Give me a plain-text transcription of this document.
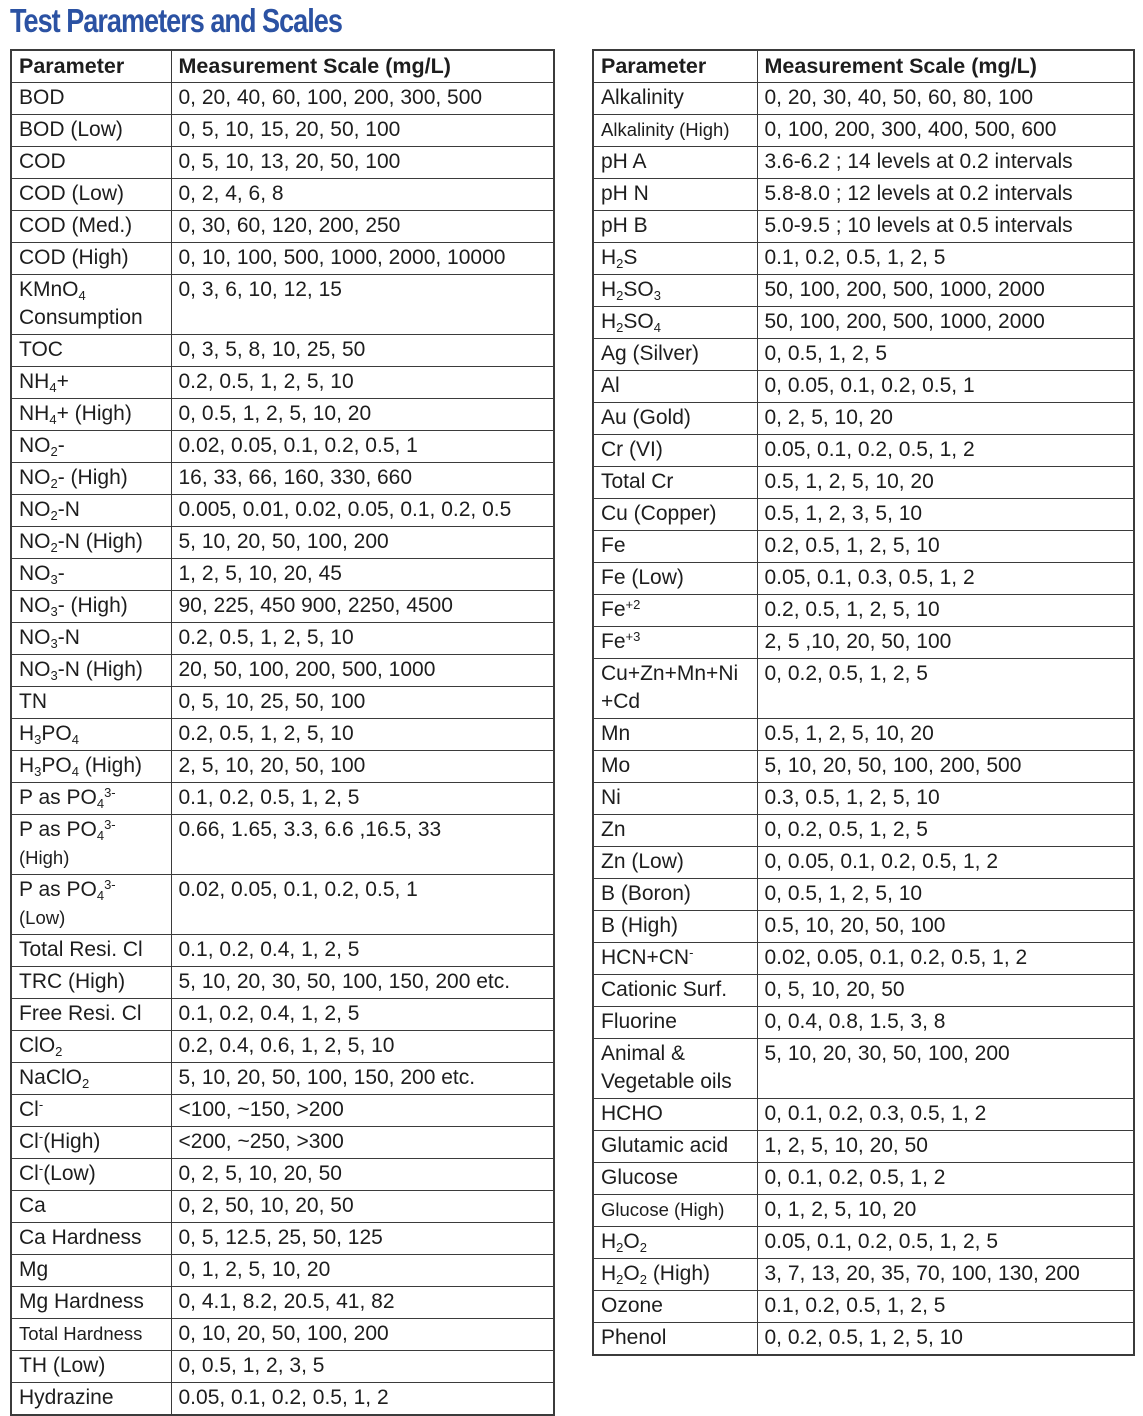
Test Parameters and Scales
Parameter	Measurement Scale (mg/L)
BOD	0, 20, 40, 60, 100, 200, 300, 500
BOD (Low)	0, 5, 10, 15, 20, 50, 100
COD	0, 5, 10, 13, 20, 50, 100
COD (Low)	0, 2, 4, 6, 8
COD (Med.)	0, 30, 60, 120, 200, 250
COD (High)	0, 10, 100, 500, 1000, 2000, 10000
KMnO$_4$ Consumption	0, 3, 6, 10, 12, 15
TOC	0, 3, 5, 8, 10, 25, 50
$NH_4+$	0.2, 0.5, 1, 2, 5, 10
$NH_4+$ (High)	0, 0.5, 1, 2, 5, 10, 20
$NO_2-$	0.02, 0.05, 0.1, 0.2, 0.5, 1
$NO_2-$ (High)	16, 33, 66, 160, 330, 660
$NO_2-N$	0.005, 0.01, 0.02, 0.05, 0.1, 0.2, 0.5
$NO_2-N$ (High)	5, 10, 20, 50, 100, 200
$NO_3-$	1, 2, 5, 10, 20, 45
$NO_3-$ (High)	90, 225, 450 900, 2250, 4500
$NO_3-N$	0.2, 0.5, 1, 2, 5, 10
$NO_3-N$ (High)	20, 50, 100, 200, 500, 1000
TN	0, 5, 10, 25, 50, 100
$H_3PO_4$	0.2, 0.5, 1, 2, 5, 10
$H_3PO_4$ (High)	2, 5, 10, 20, 50, 100
P as $PO_4^{3-}$	0.1, 0.2, 0.5, 1, 2, 5
P as $PO_4^{3-}$ (High)	0.66, 1.65, 3.3, 6.6 ,16.5, 33
P as $PO_4^{3-}$ (Low)	0.02, 0.05, 0.1, 0.2, 0.5, 1
Total Resi. Cl	0.1, 0.2, 0.4, 1, 2, 5
TRC (High)	5, 10, 20, 30, 50, 100, 150, 200 etc.
Free Resi. Cl	0.1, 0.2, 0.4, 1, 2, 5
ClO$_2$	0.2, 0.4, 0.6, 1, 2, 5, 10
NaClO$_2$	5, 10, 20, 50, 100, 150, 200 etc.
Cl-	<100, ~150, >200
Cl-(High)	<200, ~250, >300
Cl-(Low)	0, 2, 5, 10, 20, 50
Ca	0, 2, 50, 10, 20, 50
Ca Hardness	0, 5, 12.5, 25, 50, 125
Mg	0, 1, 2, 5, 10, 20
Mg Hardness	0, 4.1, 8.2, 20.5, 41, 82
Total Hardness	0, 10, 20, 50, 100, 200
TH (Low)	0, 0.5, 1, 2, 3, 5
Hydrazine	0.05, 0.1, 0.2, 0.5, 1, 2
Parameter	Measurement Scale (mg/L)
Alkalinity	0, 20, 30, 40, 50, 60, 80, 100
Alkalinity (High)	0, 100, 200, 300, 400, 500, 600
pH A	3.6-6.2 ; 14 levels at 0.2 intervals
pH N	5.8-8.0 ; 12 levels at 0.2 intervals
pH B	5.0-9.5 ; 10 levels at 0.5 intervals
$H_2S$	0.1, 0.2, 0.5, 1, 2, 5
$H_2SO_3$	50, 100, 200, 500, 1000, 2000
$H_2SO_4$	50, 100, 200, 500, 1000, 2000
Ag (Silver)	0, 0.5, 1, 2, 5
Al	0, 0.05, 0.1, 0.2, 0.5, 1
Au (Gold)	0, 2, 5, 10, 20
Cr (VI)	0.05, 0.1, 0.2, 0.5, 1, 2
Total Cr	0.5, 1, 2, 5, 10, 20
Cu (Copper)	0.5, 1, 2, 3, 5, 10
Fe	0.2, 0.5, 1, 2, 5, 10
Fe (Low)	0.05, 0.1, 0.3, 0.5, 1, 2
$Fe^{+2}$	0.2, 0.5, 1, 2, 5, 10
$Fe^{+3}$	2, 5 ,10, 20, 50, 100
Cu+Zn+Mn+Ni
+Cd	0, 0.2, 0.5, 1, 2, 5
Mn	0.5, 1, 2, 5, 10, 20
Mo	5, 10, 20, 50, 100, 200, 500
Ni	0.3, 0.5, 1, 2, 5, 10
Zn	0, 0.2, 0.5, 1, 2, 5
Zn (Low)	0, 0.05, 0.1, 0.2, 0.5, 1, 2
B (Boron)	0, 0.5, 1, 2, 5, 10
B (High)	0.5, 10, 20, 50, 100
HCN+CN-	0.02, 0.05, 0.1, 0.2, 0.5, 1, 2
Cationic Surf.	0, 5, 10, 20, 50
Fluorine	0, 0.4, 0.8, 1.5, 3, 8
Animal & Vegetable oils	5, 10, 20, 30, 50, 100, 200
HCHO	0, 0.1, 0.2, 0.3, 0.5, 1, 2
Glutamic acid	1, 2, 5, 10, 20, 50
Glucose	0, 0.1, 0.2, 0.5, 1, 2
Glucose (High)	0, 1, 2, 5, 10, 20
$H_2O_2$	0.05, 0.1, 0.2, 0.5, 1, 2, 5
$H_2O_2$ (High)	3, 7, 13, 20, 35, 70, 100, 130, 200
Ozone	0.1, 0.2, 0.5, 1, 2, 5
Phenol	0, 0.2, 0.5, 1, 2, 5, 10
